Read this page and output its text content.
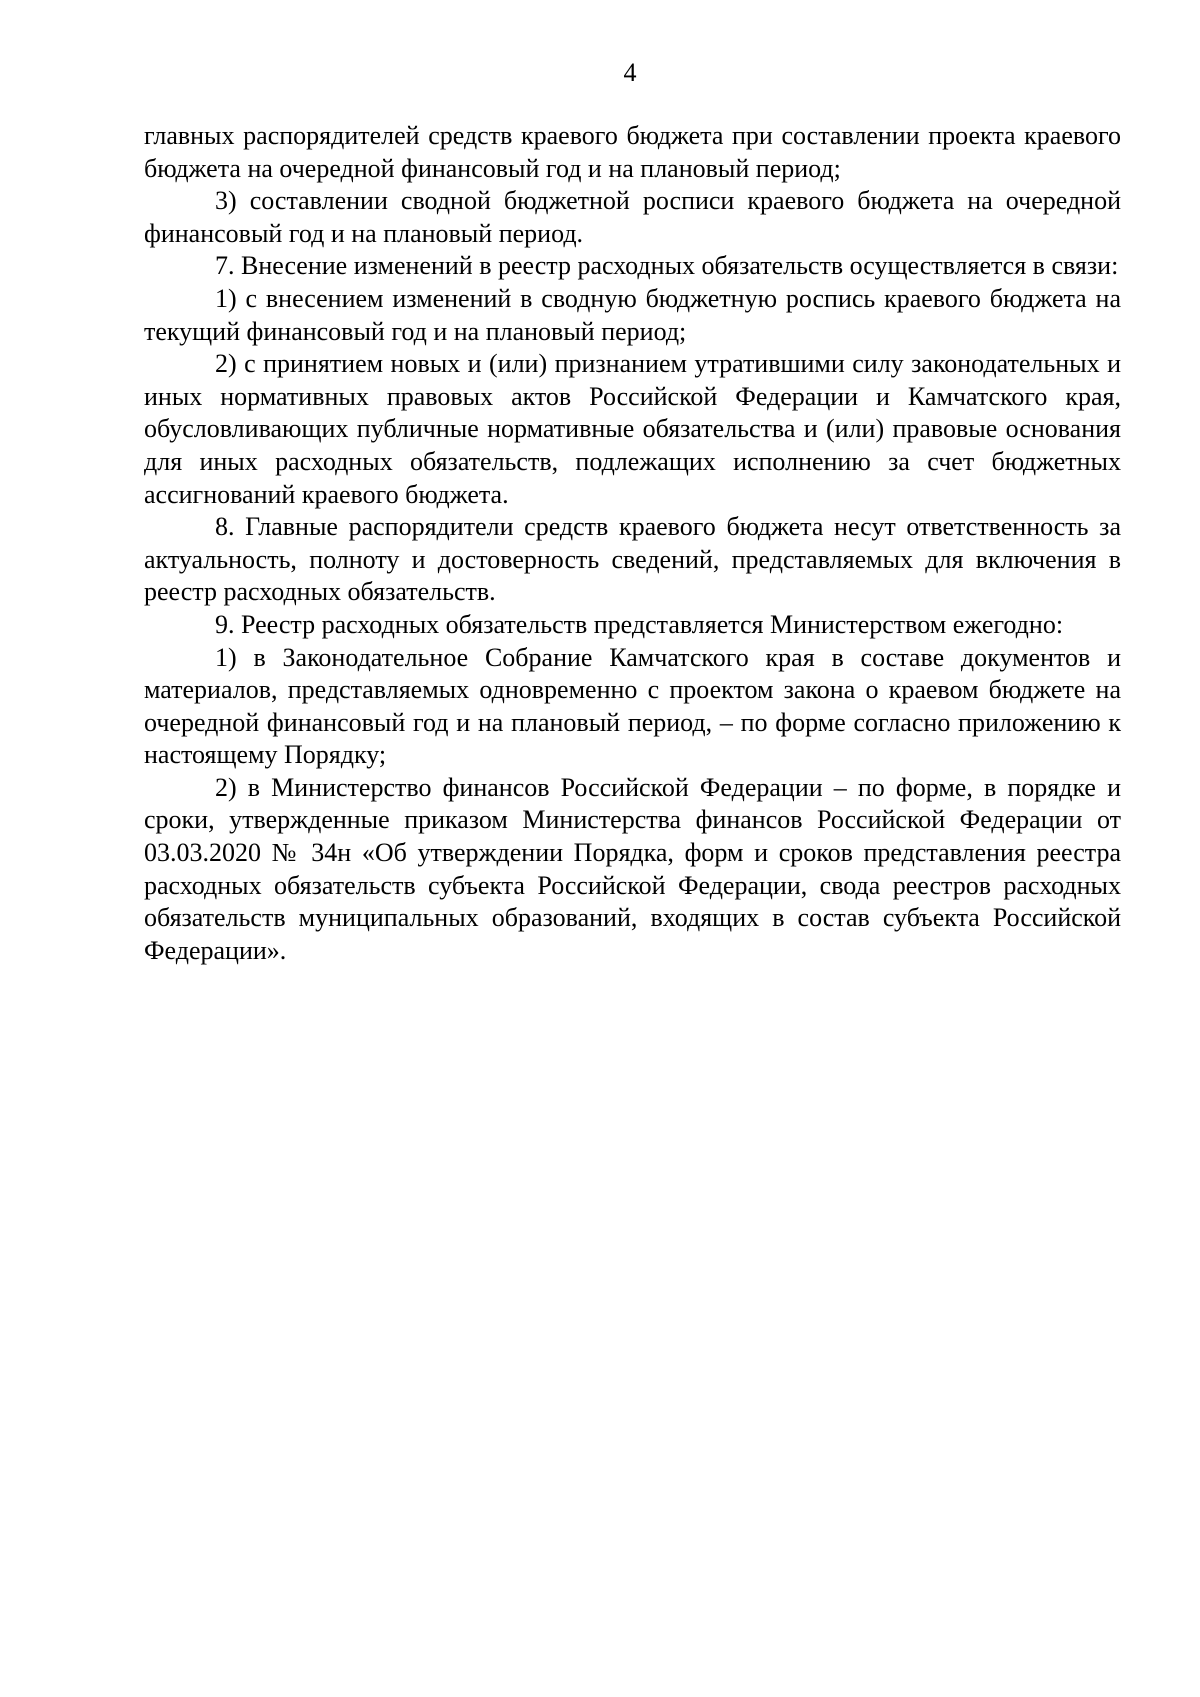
4

главных распорядителей средств краевого бюджета при составлении проекта краевого бюджета на очередной финансовый год и на плановый период;

3) составлении сводной бюджетной росписи краевого бюджета на очередной финансовый год и на плановый период.

7. Внесение изменений в реестр расходных обязательств осуществляется в связи:

1) с внесением изменений в сводную бюджетную роспись краевого бюджета на текущий финансовый год и на плановый период;

2) с принятием новых и (или) признанием утратившими силу законодательных и иных нормативных правовых актов Российской Федерации и Камчатского края, обусловливающих публичные нормативные обязательства и (или) правовые основания для иных расходных обязательств, подлежащих исполнению за счет бюджетных ассигнований краевого бюджета.

8. Главные распорядители средств краевого бюджета несут ответственность за актуальность, полноту и достоверность сведений, представляемых для включения в реестр расходных обязательств.

9. Реестр расходных обязательств представляется Министерством ежегодно:

1) в Законодательное Собрание Камчатского края в составе документов и материалов, представляемых одновременно с проектом закона о краевом бюджете на очередной финансовый год и на плановый период, – по форме согласно приложению к настоящему Порядку;

2) в Министерство финансов Российской Федерации – по форме, в порядке и сроки, утвержденные приказом Министерства финансов Российской Федерации от 03.03.2020 № 34н «Об утверждении Порядка, форм и сроков представления реестра расходных обязательств субъекта Российской Федерации, свода реестров расходных обязательств муниципальных образований, входящих в состав субъекта Российской Федерации».
